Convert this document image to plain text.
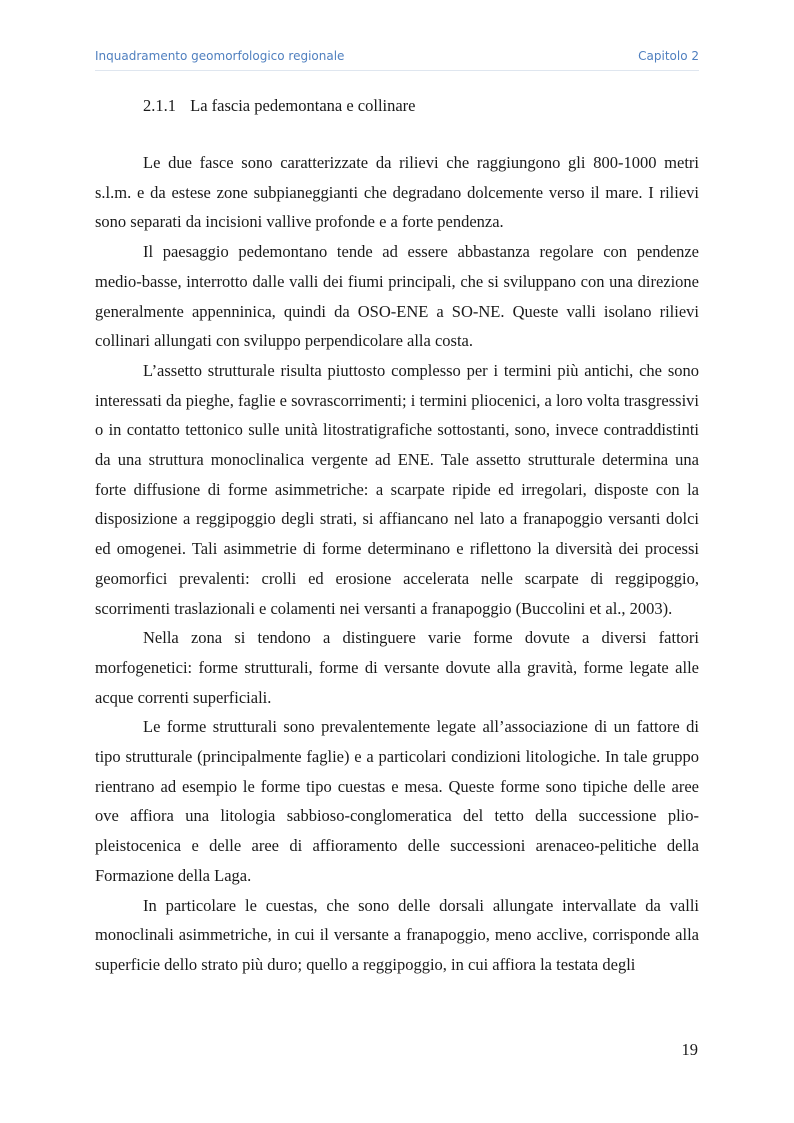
Inquadramento geomorfologico regionale	Capitolo 2
2.1.1 La fascia pedemontana e collinare

Le due fasce sono caratterizzate da rilievi che raggiungono gli 800-1000 metri s.l.m. e da estese zone subpianeggianti che degradano dolcemente verso il mare. I rilievi sono separati da incisioni vallive profonde e a forte pendenza.

Il paesaggio pedemontano tende ad essere abbastanza regolare con pendenze medio-basse, interrotto dalle valli dei fiumi principali, che si sviluppano con una direzione generalmente appenninica, quindi da OSO-ENE a SO-NE. Queste valli isolano rilievi collinari allungati con sviluppo perpendicolare alla costa.

L’assetto strutturale risulta piuttosto complesso per i termini più antichi, che sono interessati da pieghe, faglie e sovrascorrimenti; i termini pliocenici, a loro volta trasgressivi o in contatto tettonico sulle unità litostratigrafiche sottostanti, sono, invece contraddistinti da una struttura monoclinalica vergente ad ENE. Tale assetto strutturale determina una forte diffusione di forme asimmetriche: a scarpate ripide ed irregolari, disposte con la disposizione a reggipoggio degli strati, si affiancano nel lato a franapoggio versanti dolci ed omogenei. Tali asimmetrie di forme determinano e riflettono la diversità dei processi geomorfici prevalenti: crolli ed erosione accelerata nelle scarpate di reggipoggio, scorrimenti traslazionali e colamenti nei versanti a franapoggio (Buccolini et al., 2003).

Nella zona si tendono a distinguere varie forme dovute a diversi fattori morfogenetici: forme strutturali, forme di versante dovute alla gravità, forme legate alle acque correnti superficiali.

Le forme strutturali sono prevalentemente legate all’associazione di un fattore di tipo strutturale (principalmente faglie) e a particolari condizioni litologiche. In tale gruppo rientrano ad esempio le forme tipo cuestas e mesa. Queste forme sono tipiche delle aree ove affiora una litologia sabbioso-conglomeratica del tetto della successione plio-pleistocenica e delle aree di affioramento delle successioni arenaceo-pelitiche della Formazione della Laga.

In particolare le cuestas, che sono delle dorsali allungate intervallate da valli monoclinali asimmetriche, in cui il versante a franapoggio, meno acclive, corrisponde alla superficie dello strato più duro; quello a reggipoggio, in cui affiora la testata degli

19
